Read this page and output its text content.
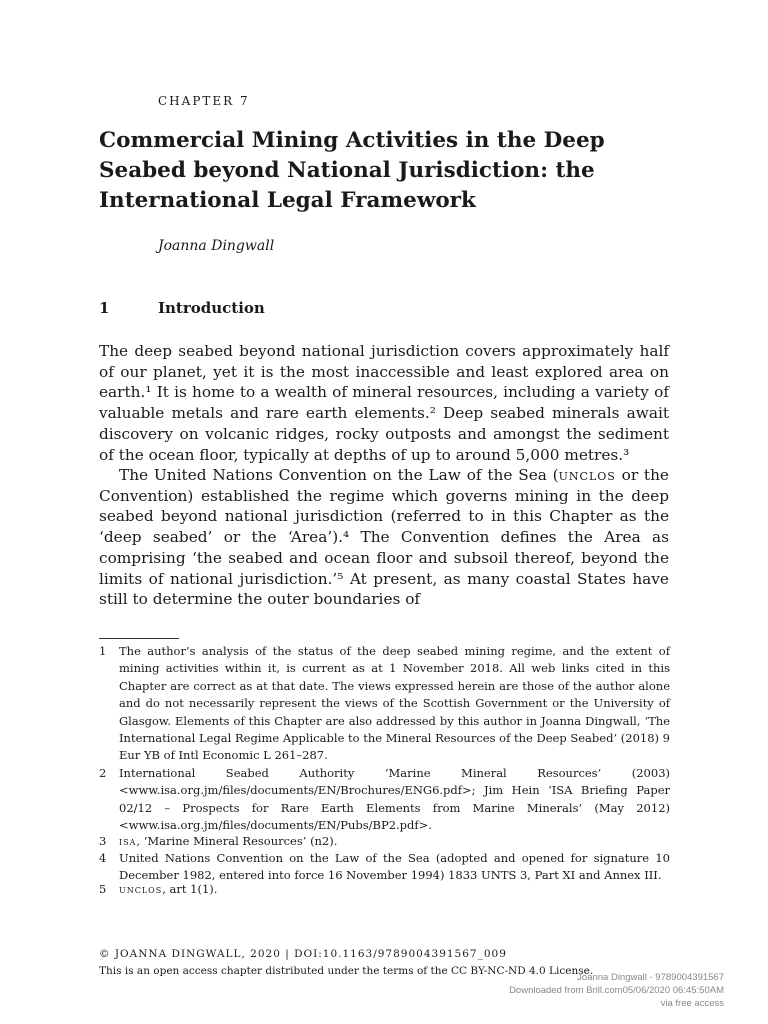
CHAPTER 7
Commercial Mining Activities in the Deep Seabed beyond National Jurisdiction: the International Legal Framework
Joanna Dingwall
1	Introduction

The deep seabed beyond national jurisdiction covers approximately half of our planet, yet it is the most inaccessible and least explored area on earth.¹ It is home to a wealth of mineral resources, including a variety of valuable metals and rare earth elements.² Deep seabed minerals await discovery on volcanic ridges, rocky outposts and amongst the sediment of the ocean floor, typically at depths of up to around 5,000 metres.³

The United Nations Convention on the Law of the Sea (unclos or the Convention) established the regime which governs mining in the deep seabed beyond national jurisdiction (referred to in this Chapter as the ‘deep seabed’ or the ‘Area’).⁴ The Convention defines the Area as comprising ‘the seabed and ocean floor and subsoil thereof, beyond the limits of national jurisdiction.’⁵ At present, as many coastal States have still to determine the outer boundaries of

1	The author’s analysis of the status of the deep seabed mining regime, and the extent of mining activities within it, is current as at 1 November 2018. All web links cited in this Chapter are correct as at that date. The views expressed herein are those of the author alone and do not necessarily represent the views of the Scottish Government or the University of Glasgow. Elements of this Chapter are also addressed by this author in Joanna Dingwall, ‘The International Legal Regime Applicable to the Mineral Resources of the Deep Seabed’ (2018) 9 Eur YB of Intl Economic L 261–287.
2	International Seabed Authority ‘Marine Mineral Resources’ (2003) <www.isa.org.jm/files/documents/EN/Brochures/ENG6.pdf>; Jim Hein ‘ISA Briefing Paper 02/12 – Prospects for Rare Earth Elements from Marine Minerals’ (May 2012) <www.isa.org.jm/files/documents/EN/Pubs/BP2.pdf>.
3	isa, ‘Marine Mineral Resources’ (n2).
4	United Nations Convention on the Law of the Sea (adopted and opened for signature 10 December 1982, entered into force 16 November 1994) 1833 UNTS 3, Part XI and Annex III.
5	unclos, art 1(1).
© JOANNA DINGWALL, 2020 | DOI:10.1163/9789004391567_009
This is an open access chapter distributed under the terms of the CC BY-NC-ND 4.0 License.
Joanna Dingwall - 9789004391567
Downloaded from Brill.com05/06/2020 06:45:50AM
via free access
